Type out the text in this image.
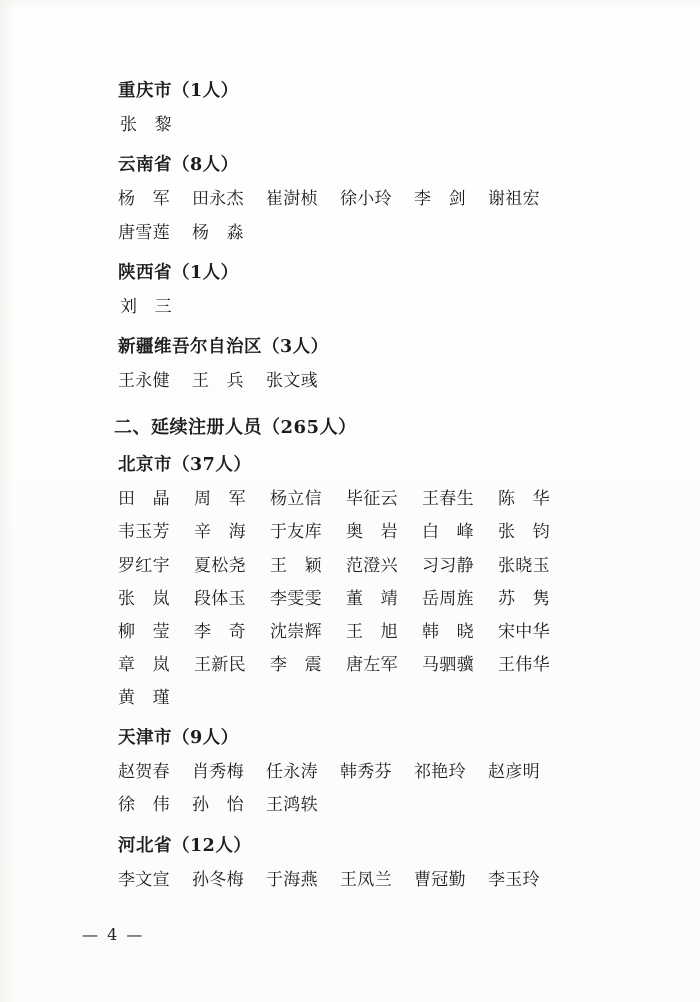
重庆市（1人）
张　黎
云南省（8人）
杨　军	田永杰	崔澍桢	徐小玲	李　剑	谢祖宏
唐雪莲	杨　淼
陕西省（1人）
刘　三
新疆维吾尔自治区（3人）
王永健	王　兵	张文彧
二、延续注册人员（265人）
北京市（37人）
田　晶	周　军	杨立信	毕征云	王春生	陈　华
韦玉芳	辛　海	于友库	奥　岩	白　峰	张　钧
罗红宇	夏松尧	王　颖	范澄兴	习习静	张晓玉
张　岚	段体玉	李雯雯	董　靖	岳周旌	苏　隽
柳　莹	李　奇	沈崇辉	王　旭	韩　晓	宋中华
章　岚	王新民	李　震	唐左军	马驷骥	王伟华
黄　瑾
天津市（9人）
赵贺春	肖秀梅	任永涛	韩秀芬	祁艳玲	赵彦明
徐　伟	孙　怡	王鸿轶
河北省（12人）
李文宣	孙冬梅	于海燕	王凤兰	曹冠勤	李玉玲
— 4 —
